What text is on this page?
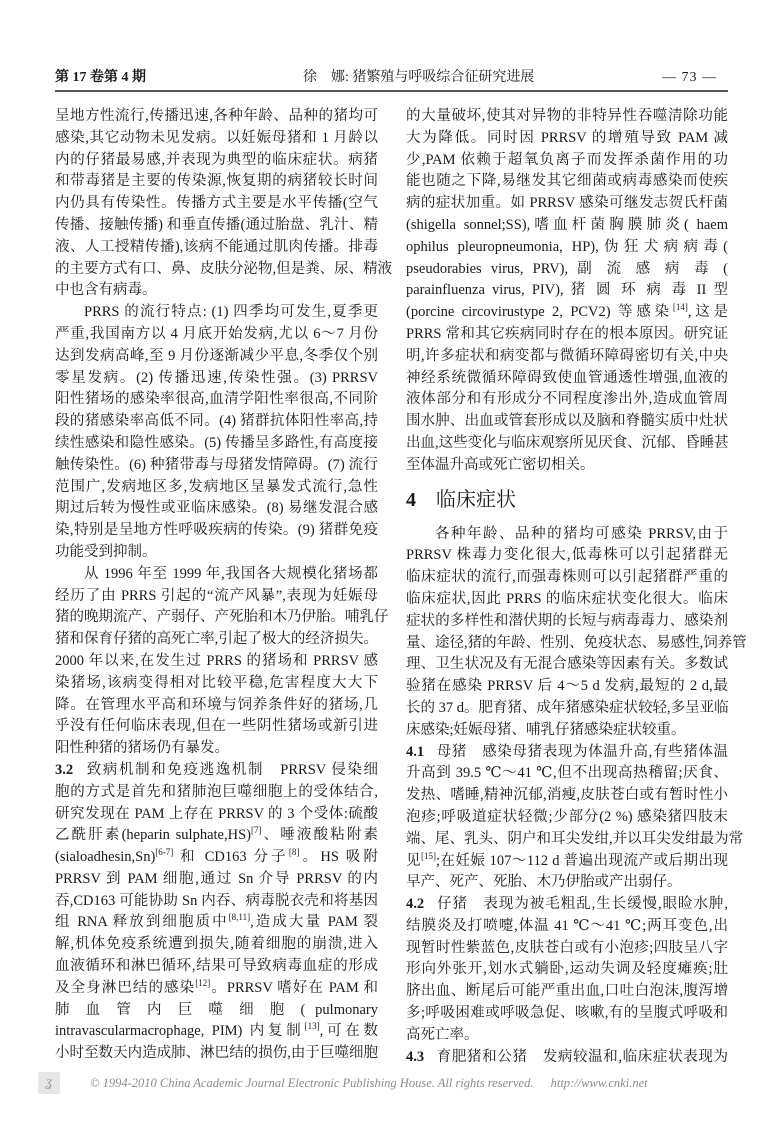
第 17 卷第 4 期	徐　娜: 猪繁殖与呼吸综合征研究进展	— 73 —
呈地方性流行,传播迅速,各种年龄、品种的猪均可
感染,其它动物未见发病。以妊娠母猪和 1 月龄以
内的仔猪最易感,并表现为典型的临床症状。病猪
和带毒猪是主要的传染源,恢复期的病猪较长时间
内仍具有传染性。传播方式主要是水平传播(空气
传播、接触传播) 和垂直传播(通过胎盘、乳汁、精
液、人工授精传播),该病不能通过肌肉传播。排毒
的主要方式有口、鼻、皮肤分泌物,但是粪、尿、精液
中也含有病毒。
PRRS 的流行特点: (1) 四季均可发生,夏季更
严重,我国南方以 4 月底开始发病,尤以 6～7 月份
达到发病高峰,至 9 月份逐渐减少平息,冬季仅个别
零星发病。(2) 传播迅速,传染性强。(3) PRRSV
阳性猪场的感染率很高,血清学阳性率很高,不同阶
段的猪感染率高低不同。(4) 猪群抗体阳性率高,持
续性感染和隐性感染。(5) 传播呈多路性,有高度接
触传染性。(6) 种猪带毒与母猪发情障碍。(7) 流行
范围广,发病地区多,发病地区呈暴发式流行,急性
期过后转为慢性或亚临床感染。(8) 易继发混合感
染,特别是呈地方性呼吸疾病的传染。(9) 猪群免疫
功能受到抑制。
从 1996 年至 1999 年,我国各大规模化猪场都
经历了由 PRRS 引起的“流产风暴”,表现为妊娠母
猪的晚期流产、产弱仔、产死胎和木乃伊胎。哺乳仔
猪和保育仔猪的高死亡率,引起了极大的经济损失。
2000 年以来,在发生过 PRRS 的猪场和 PRRSV 感
染猪场,该病变得相对比较平稳,危害程度大大下
降。在管理水平高和环境与饲养条件好的猪场,几
乎没有任何临床表现,但在一些阴性猪场或新引进
阳性种猪的猪场仍有暴发。
3.2 致病机制和免疫逃逸机制　PRRSV 侵染细
胞的方式是首先和猪肺泡巨噬细胞上的受体结合,
研究发现在 PAM 上存在 PRRSV 的 3 个受体:硫酸
乙酰肝素(heparin sulphate,HS)[7]、唾液酸粘附素
(sialoadhesin,Sn)[6-7] 和 CD163 分子[8]。HS 吸附
PRRSV 到 PAM 细胞,通过 Sn 介导 PRRSV 的内
吞,CD163 可能协助 Sn 内吞、病毒脱衣壳和将基因
组 RNA 释放到细胞质中[8,11],造成大量 PAM 裂
解,机体免疫系统遭到损失,随着细胞的崩溃,进入
血液循环和淋巴循环,结果可导致病毒血症的形成
及全身淋巴结的感染[12]。PRRSV 嗜好在 PAM 和
肺 血 管 内 巨 噬 细 胞 ( pulmonary
intravascularmacrophage, PIM) 内复制[13],可在数
小时至数天内造成肺、淋巴结的损伤,由于巨噬细胞
的大量破坏,使其对异物的非特异性吞噬清除功能
大为降低。同时因 PRRSV 的增殖导致 PAM 减
少,PAM 依赖于超氧负离子而发挥杀菌作用的功
能也随之下降,易继发其它细菌或病毒感染而使疾
病的症状加重。如 PRRSV 感染可继发志贺氏杆菌
(shigella sonnel;SS),嗜血杆菌胸膜肺炎( haem
ophilus pleuropneumonia, HP),伪狂犬病病毒(
pseudorabies virus, PRV), 副 流 感 病 毒 (
parainfluenza virus, PIV), 猪 圆 环 病 毒 II 型
(porcine circovirustype 2, PCV2) 等感染[14],这是
PRRS 常和其它疾病同时存在的根本原因。研究证
明,许多症状和病变都与微循环障碍密切有关,中央
神经系统微循环障碍致使血管通透性增强,血液的
液体部分和有形成分不同程度渗出外,造成血管周
围水肿、出血或管套形成以及脑和脊髓实质中灶状
出血,这些变化与临床观察所见厌食、沉郁、昏睡甚
至体温升高或死亡密切相关。
4 临床症状
各种年龄、品种的猪均可感染 PRRSV,由于
PRRSV 株毒力变化很大,低毒株可以引起猪群无
临床症状的流行,而强毒株则可以引起猪群严重的
临床症状,因此 PRRS 的临床症状变化很大。临床
症状的多样性和潜伏期的长短与病毒毒力、感染剂
量、途径,猪的年龄、性别、免疫状态、易感性,饲养管
理、卫生状况及有无混合感染等因素有关。多数试
验猪在感染 PRRSV 后 4～5 d 发病,最短的 2 d,最
长的 37 d。肥育猪、成年猪感染症状较轻,多呈亚临
床感染;妊娠母猪、哺乳仔猪感染症状较重。
4.1 母猪　感染母猪表现为体温升高,有些猪体温
升高到 39.5 ℃～41 ℃,但不出现高热稽留;厌食、
发热、嗜睡,精神沉郁,消瘦,皮肤苍白或有暂时性小
泡疹;呼吸道症状轻微;少部分(2 %) 感染猪四肢末
端、尾、乳头、阴户和耳尖发绀,并以耳尖发绀最为常
见[15];在妊娠 107～112 d 普遍出现流产或后期出现
早产、死产、死胎、木乃伊胎或产出弱仔。
4.2 仔猪　表现为被毛粗乱,生长缓慢,眼睑水肿,
结膜炎及打喷嚏,体温 41 ℃～41 ℃;两耳变色,出
现暂时性紫蓝色,皮肤苍白或有小泡疹;四肢呈八字
形向外张开,划水式躺卧,运动失调及轻度瘫痪;肚
脐出血、断尾后可能严重出血,口吐白泡沫,腹泻增
多;呼吸困难或呼吸急促、咳嗽,有的呈腹式呼吸和
高死亡率。
4.3 育肥猪和公猪　发病较温和,临床症状表现为
ʓ	© 1994-2010 China Academic Journal Electronic Publishing House. All rights reserved. http://www.cnki.net
